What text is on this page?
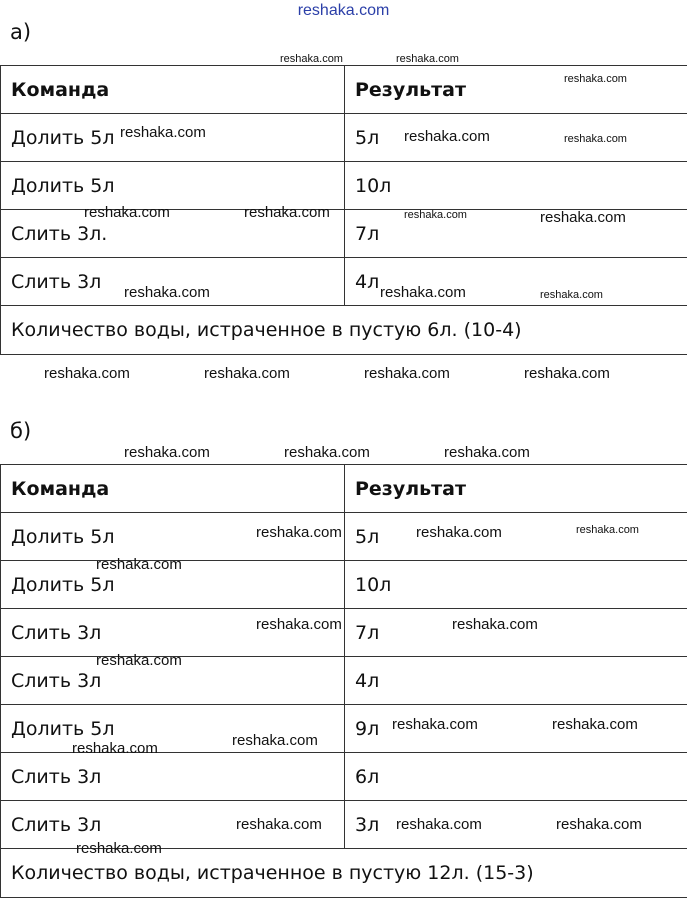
reshaka.com
а)
Команда	Результат
Долить 5л	5л
Долить 5л	10л
Слить 3л.	7л
Слить 3л	4л
Количество воды, истраченное в пустую 6л. (10-4)	
б)
Команда	Результат
Долить 5л	5л
Долить 5л	10л
Слить 3л	7л
Слить 3л	4л
Долить 5л	9л
Слить 3л	6л
Слить 3л	3л
Количество воды, истраченное в пустую 12л. (15-3)	
reshaka.com	reshaka.com
reshaka.com
reshaka.com	reshaka.com	reshaka.com
reshaka.com	reshaka.com	reshaka.com	reshaka.com
reshaka.com	reshaka.com	reshaka.com
reshaka.com	reshaka.com	reshaka.com	reshaka.com
reshaka.com	reshaka.com	reshaka.com
reshaka.com	reshaka.com	reshaka.com
reshaka.com
reshaka.com	reshaka.com
reshaka.com
reshaka.com	reshaka.com
reshaka.com
reshaka.com
reshaka.com	reshaka.com	reshaka.com
reshaka.com
